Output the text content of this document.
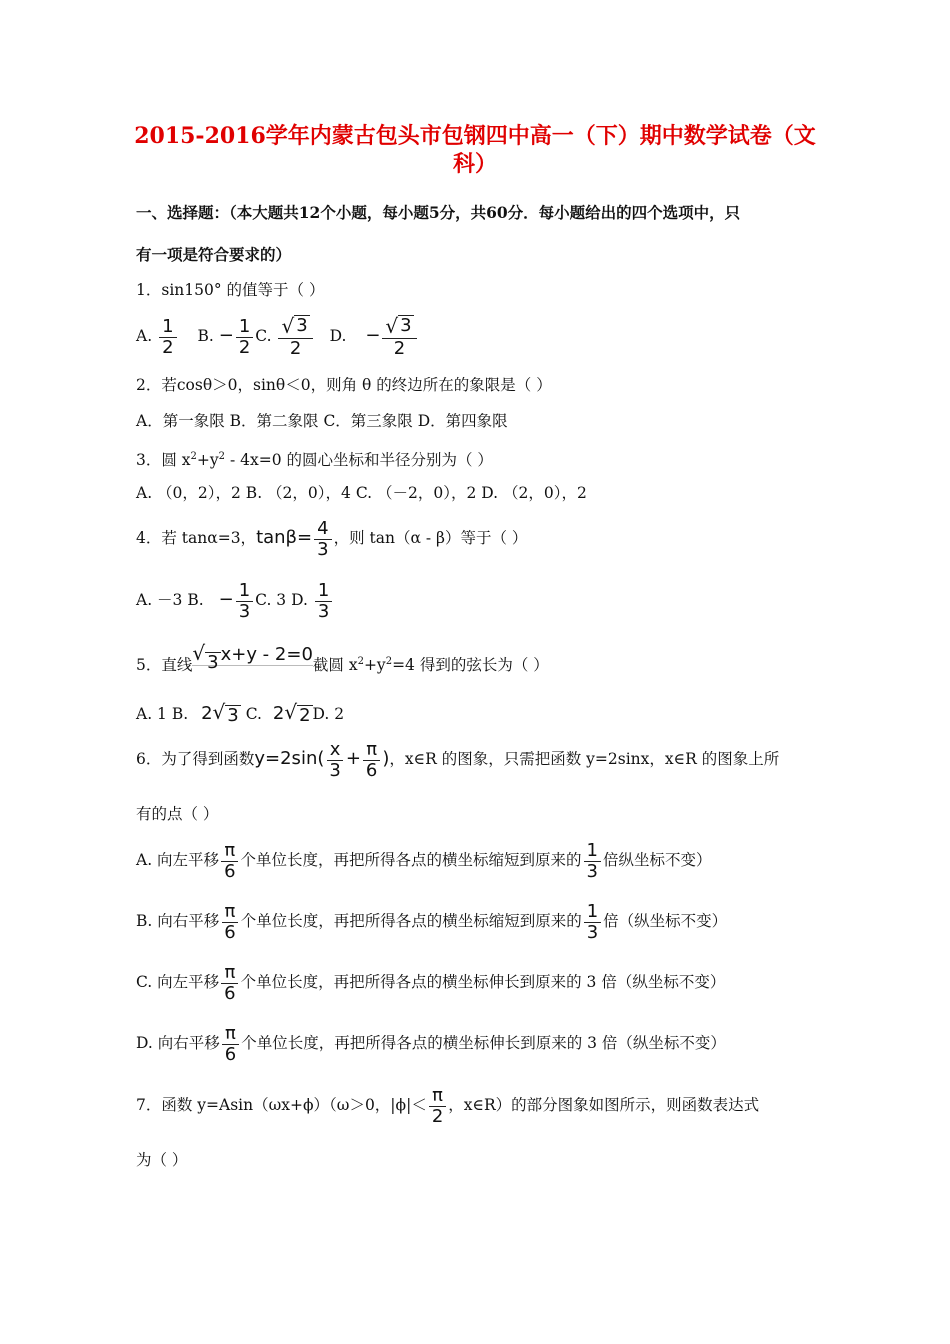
2015-2016学年内蒙古包头市包钢四中高一（下）期中数学试卷（文
科）
一、选择题：（本大题共12个小题，每小题5分，共60分．每小题给出的四个选项中，只
有一项是符合要求的）
1．sin150° 的值等于（ ）
A. $\frac{1}{2} B$. − $\frac{1}{2} C$. $\frac{√ 3}{2} D$. − $\frac{√ 3}{2}$
2．若cosθ＞0，sinθ＜0，则角 θ 的终边所在的象限是（ ）
A．第一象限 B．第二象限 C．第三象限 D．第四象限
3．圆 $x^2+y^2 - 4x=0$ 的圆心坐标和半径分别为（ ）
A. （0，2），2 B. （2，0），4 C. （－2，0），2 D. （2，0），2
4．若 tanα=3，$\tan\beta= \frac{4}{3}$ ，则 tan（α - β）等于（ ）
A. －3 B. − $\frac{1}{3} C$. 3 D. $\frac{1}{3}$
5．直线 √ 3 x+y - 2=0截圆 $x^2+y^2=4$ 得到的弦长为（ ）
A. 1 B. 2 √ 3 C. 2 √ 2 D. 2
6．为了得到函数$y=2\sin( \frac{x}{3} + \frac{\pi}{6}$ )，x∈R 的图象，只需把函数 y=2sinx，x∈R 的图象上所
有的点（ ）
A. 向左平移 $\frac{\pi}{6}$ 个单位长度，再把所得各点的横坐标缩短到原来的 $\frac{1}{3}$ 倍纵坐标不变）
B. 向右平移 $\frac{\pi}{6}$ 个单位长度，再把所得各点的横坐标缩短到原来的 $\frac{1}{3}$ 倍（纵坐标不变）
C. 向左平移 $\frac{\pi}{6}$ 个单位长度，再把所得各点的横坐标伸长到原来的 3 倍（纵坐标不变）
D. 向右平移 $\frac{\pi}{6}$ 个单位长度，再把所得各点的横坐标伸长到原来的 3 倍（纵坐标不变）
7．函数 y=Asin（ωx+ϕ）（ω＞0，$|\phi|< \frac{\pi}{2}$ ，x∈R）的部分图象如图所示，则函数表达式
为（ ）
